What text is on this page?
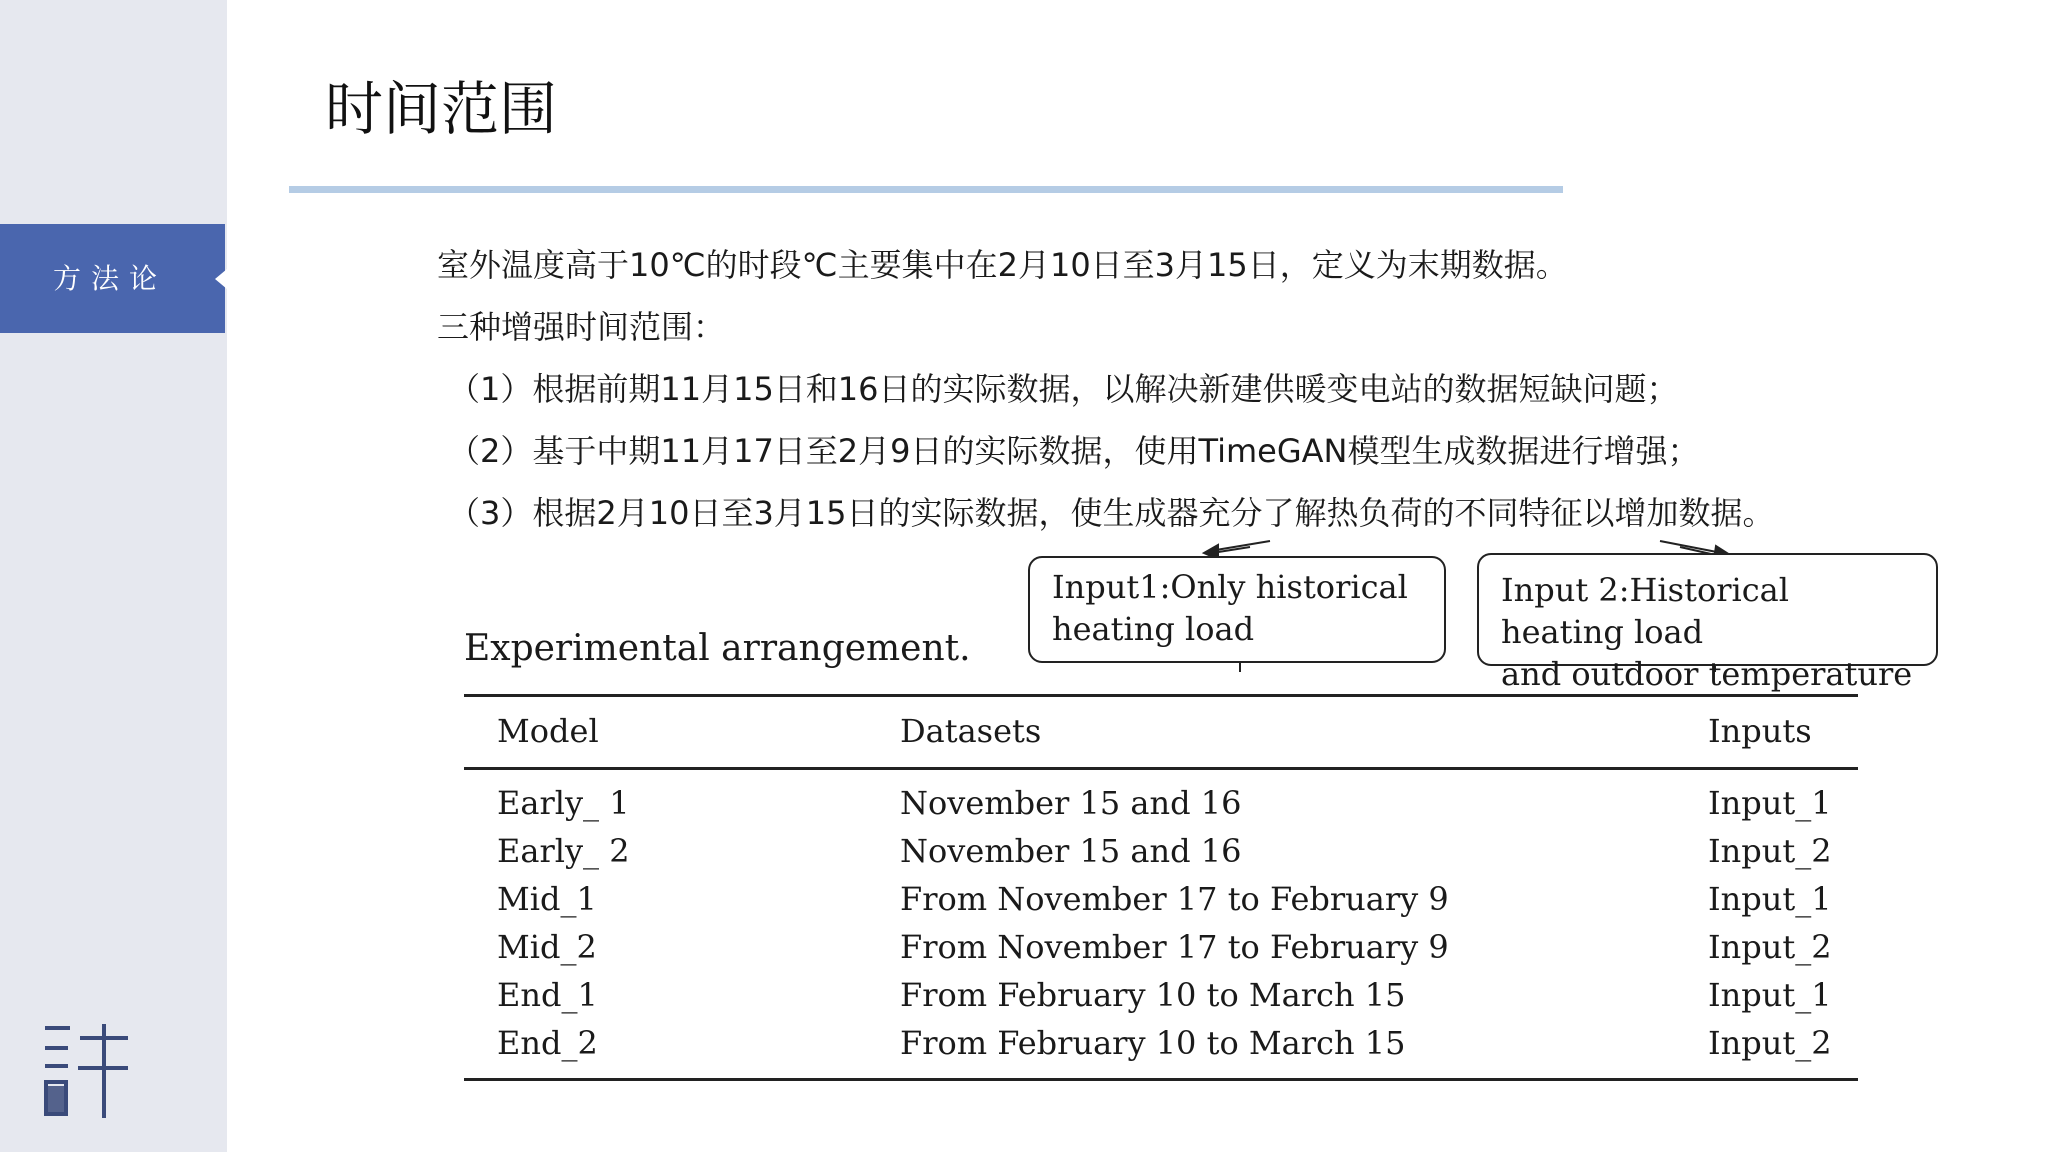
方法论
时间范围
室外温度高于10℃的时段℃主要集中在2月10日至3月15日，定义为末期数据。
三种增强时间范围：
（1）根据前期11月15日和16日的实际数据，以解决新建供暖变电站的数据短缺问题；
（2）基于中期11月17日至2月9日的实际数据，使用TimeGAN模型生成数据进行增强；
（3）根据2月10日至3月15日的实际数据，使生成器充分了解热负荷的不同特征以增加数据。
Input1:Only historical
heating load
Input 2:Historical heating load
and outdoor temperature
Experimental arrangement.
Model	Datasets	Inputs
Early_ 1	November 15 and 16	Input_1
Early_ 2	November 15 and 16	Input_2
Mid_1	From November 17 to February 9	Input_1
Mid_2	From November 17 to February 9	Input_2
End_1	From February 10 to March 15	Input_1
End_2	From February 10 to March 15	Input_2
